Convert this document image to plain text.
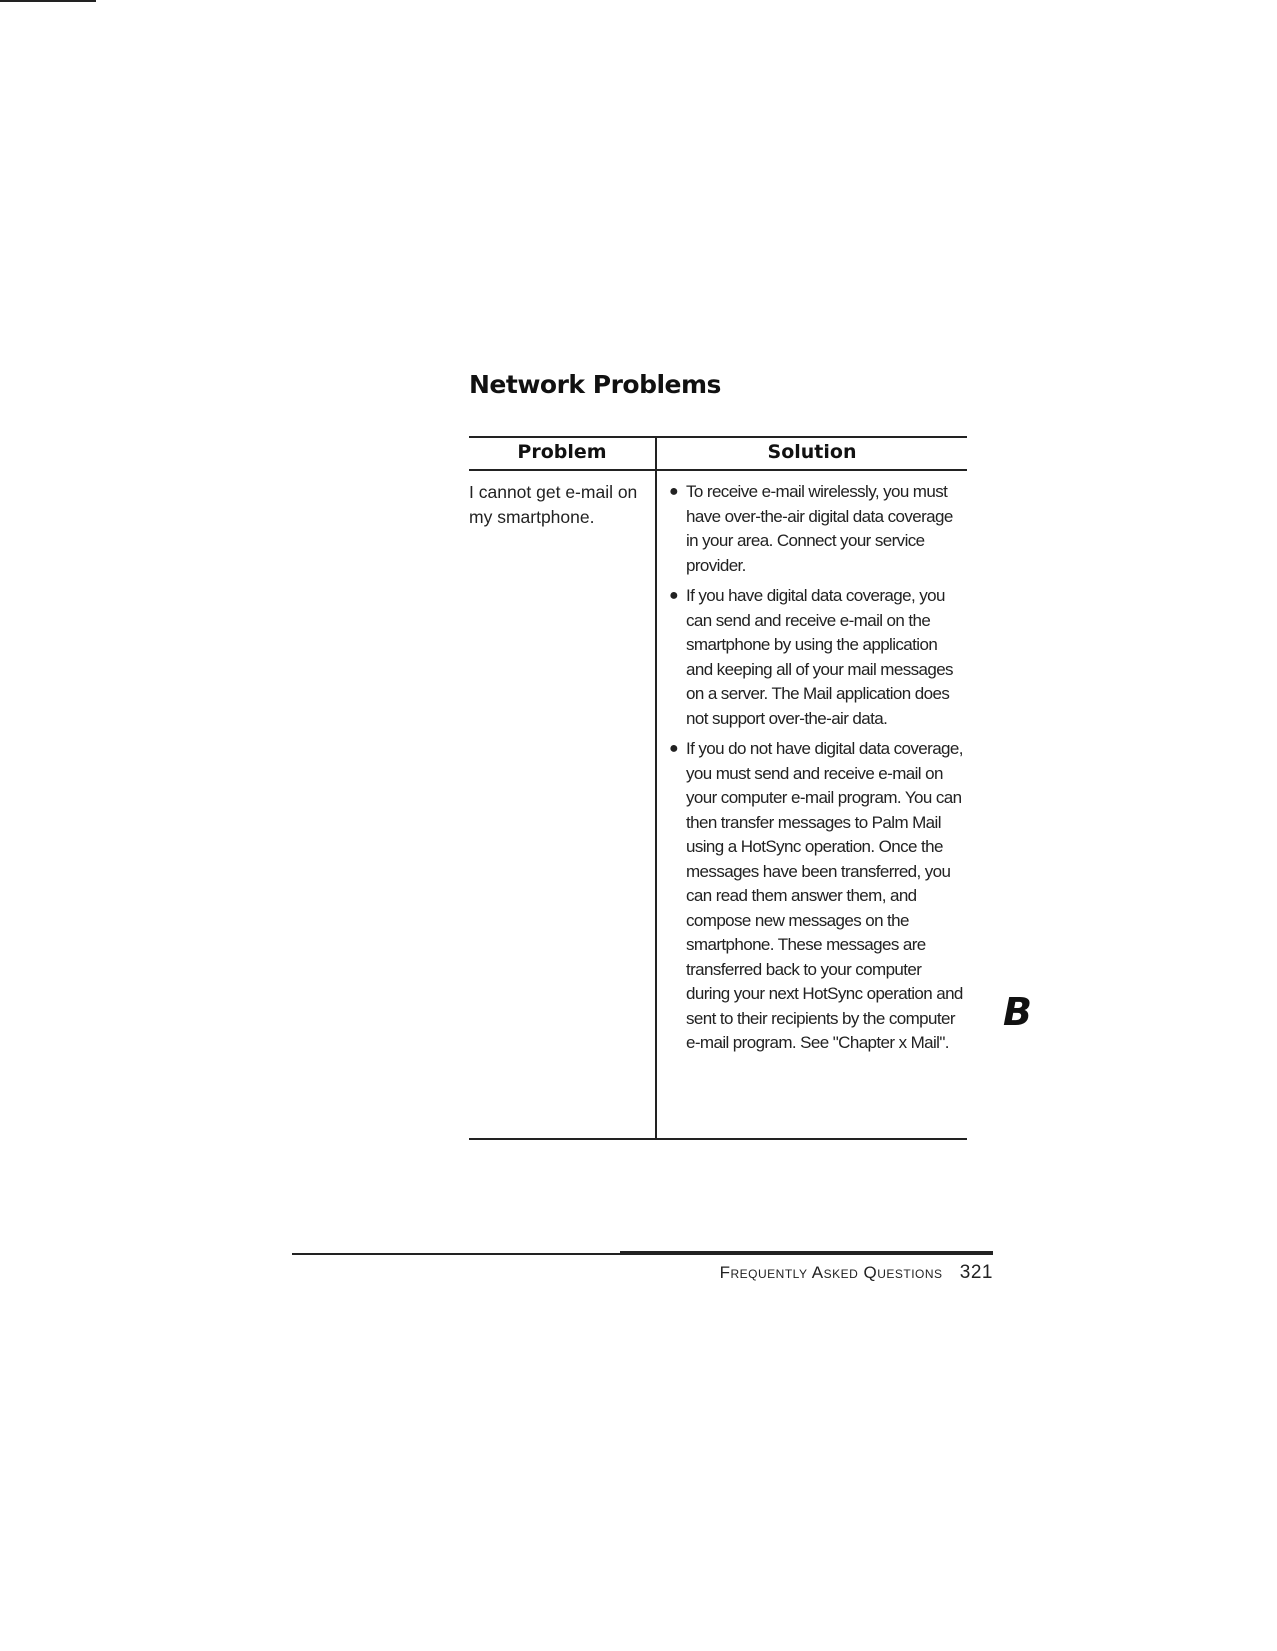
Network Problems
Problem	Solution
I cannot get e-mail on my smartphone.
● To receive e-mail wirelessly, you must have over-the-air digital data coverage in your area. Connect your service provider.
● If you have digital data coverage, you can send and receive e-mail on the smartphone by using the application and keeping all of your mail messages on a server. The Mail application does not support over-the-air data.
● If you do not have digital data coverage, you must send and receive e-mail on your computer e-mail program. You can then transfer messages to Palm Mail using a HotSync operation. Once the messages have been transferred, you can read them answer them, and compose new messages on the smartphone. These messages are transferred back to your computer during your next HotSync operation and sent to their recipients by the computer e-mail program. See "Chapter x Mail".
B
Frequently Asked Questions 321
